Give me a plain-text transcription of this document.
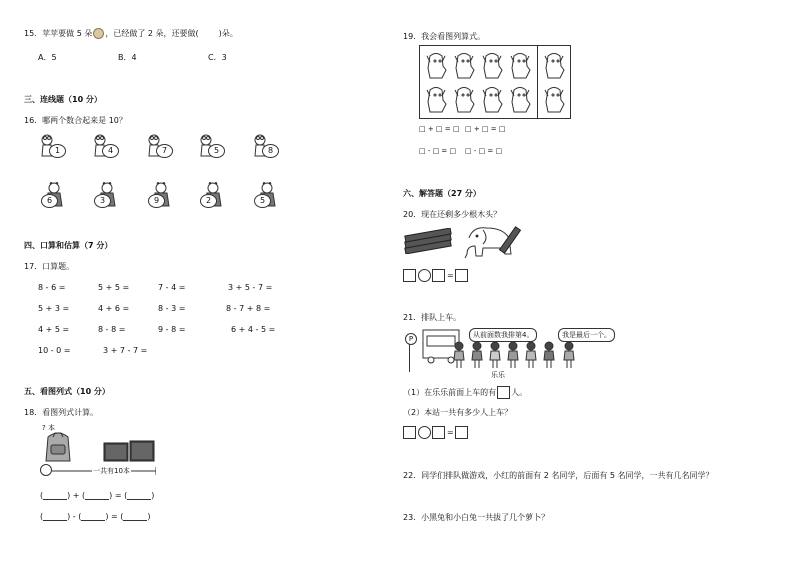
15．苹苹要做 5 朵 ，已经做了 2 朵，还要做(	)朵。
A．5	B．4	C．3
三、连线题（10 分）
16．哪两个数合起来是 10？
1	4	7	5	8
6	3	9	2	5
四、口算和估算（7 分）
17．口算题。
8 - 6 =	5 + 5 =	7 - 4 =	3 + 5 - 7 =
5 + 3 =	4 + 6 =	8 - 3 =	8 - 7 + 8 =
4 + 5 =	8 - 8 =	9 - 8 =	6 + 4 - 5 =
10 - 0 =	3 + 7 - 7 =
五、看图列式（10 分）
18．看图列式计算。
? 本
一共有10本
(	) + (	) = (	)
(	) - (	) = (	)
19．我会看图列算式。
□ + □ = □ □ + □ = □
□ - □ = □ □ - □ = □
六、解答题（27 分）
20．现在还剩多少根木头？
=
21．排队上车。
P	从前面数我排第4。	我是最后一个。
乐乐
（1）在乐乐前面上车的有 人。
（2）本站一共有多少人上车？
=
22．同学们排队做游戏，小红的前面有 2 名同学，后面有 5 名同学，一共有几名同学？
23．小黑兔和小白兔一共拔了几个萝卜？
